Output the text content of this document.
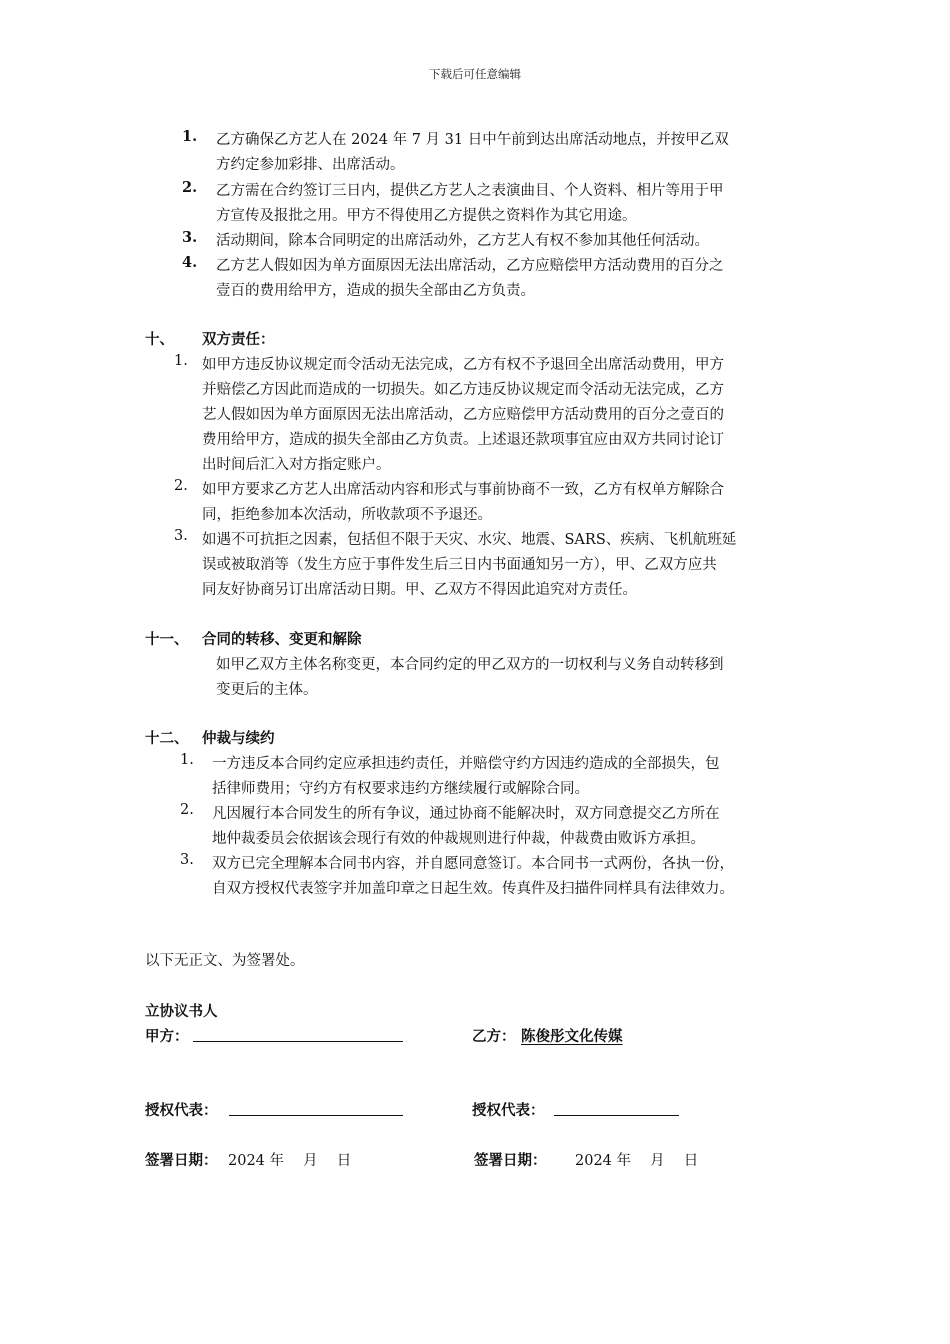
下载后可任意编辑
1. 乙方确保乙方艺人在 2024 年 7 月 31 日中午前到达出席活动地点，并按甲乙双
方约定参加彩排、出席活动。
2. 乙方需在合约签订三日内，提供乙方艺人之表演曲目、个人资料、相片等用于甲
方宣传及报批之用。甲方不得使用乙方提供之资料作为其它用途。
3. 活动期间，除本合同明定的出席活动外，乙方艺人有权不参加其他任何活动。
4. 乙方艺人假如因为单方面原因无法出席活动，乙方应赔偿甲方活动费用的百分之
壹百的费用给甲方，造成的损失全部由乙方负责。
十、 双方责任：
1. 如甲方违反协议规定而令活动无法完成，乙方有权不予退回全出席活动费用，甲方
并赔偿乙方因此而造成的一切损失。如乙方违反协议规定而令活动无法完成，乙方
艺人假如因为单方面原因无法出席活动，乙方应赔偿甲方活动费用的百分之壹百的
费用给甲方，造成的损失全部由乙方负责。上述退还款项事宜应由双方共同讨论订
出时间后汇入对方指定账户。
2. 如甲方要求乙方艺人出席活动内容和形式与事前协商不一致，乙方有权单方解除合
同，拒绝参加本次活动，所收款项不予退还。
3. 如遇不可抗拒之因素，包括但不限于天灾、水灾、地震、SARS、疾病、飞机航班延
误或被取消等（发生方应于事件发生后三日内书面通知另一方），甲、乙双方应共
同友好协商另订出席活动日期。甲、乙双方不得因此追究对方责任。
十一、 合同的转移、变更和解除
如甲乙双方主体名称变更，本合同约定的甲乙双方的一切权利与义务自动转移到
变更后的主体。
十二、 仲裁与续约
1. 一方违反本合同约定应承担违约责任，并赔偿守约方因违约造成的全部损失，包
括律师费用；守约方有权要求违约方继续履行或解除合同。
2. 凡因履行本合同发生的所有争议，通过协商不能解决时，双方同意提交乙方所在
地仲裁委员会依据该会现行有效的仲裁规则进行仲裁，仲裁费由败诉方承担。
3. 双方已完全理解本合同书内容，并自愿同意签订。本合同书一式两份，各执一份，
自双方授权代表签字并加盖印章之日起生效。传真件及扫描件同样具有法律效力。
以下无正文、为签署处。
立协议书人
甲方：	乙方： 陈俊彤文化传媒
授权代表：	授权代表：
签署日期： 2024 年　 月　 日	签署日期： 2024 年　 月　 日
